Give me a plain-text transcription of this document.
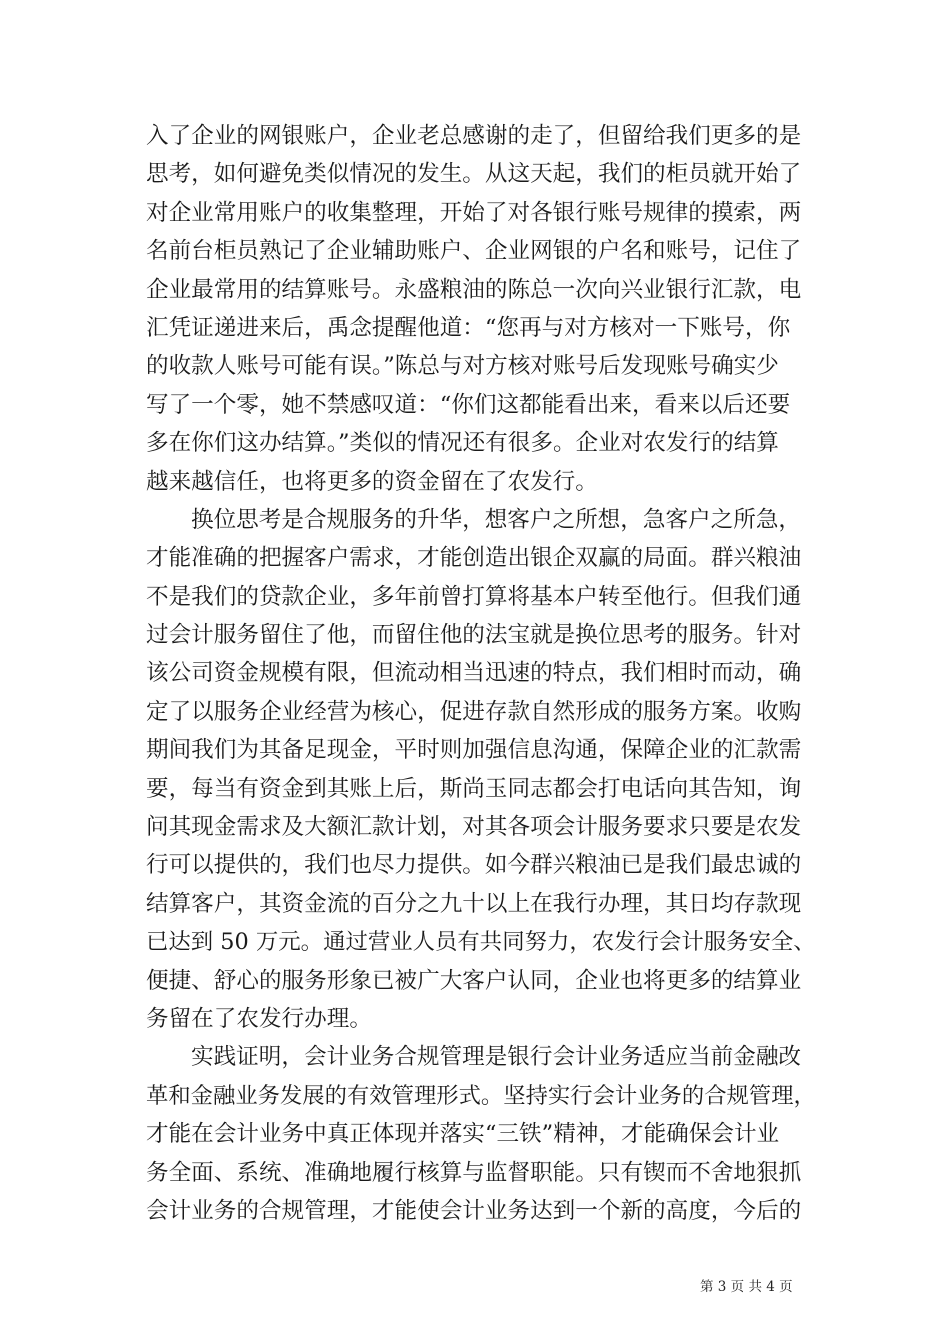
入了企业的网银账户，企业老总感谢的走了，但留给我们更多的是
思考，如何避免类似情况的发生。从这天起，我们的柜员就开始了
对企业常用账户的收集整理，开始了对各银行账号规律的摸索，两
名前台柜员熟记了企业辅助账户、企业网银的户名和账号，记住了
企业最常用的结算账号。永盛粮油的陈总一次向兴业银行汇款，电
汇凭证递进来后，禹念提醒他道：“您再与对方核对一下账号，你
的收款人账号可能有误。”陈总与对方核对账号后发现账号确实少
写了一个零，她不禁感叹道：“你们这都能看出来，看来以后还要
多在你们这办结算。”类似的情况还有很多。企业对农发行的结算
越来越信任，也将更多的资金留在了农发行。
换位思考是合规服务的升华，想客户之所想，急客户之所急，
才能准确的把握客户需求，才能创造出银企双赢的局面。群兴粮油
不是我们的贷款企业，多年前曾打算将基本户转至他行。但我们通
过会计服务留住了他，而留住他的法宝就是换位思考的服务。针对
该公司资金规模有限，但流动相当迅速的特点，我们相时而动，确
定了以服务企业经营为核心，促进存款自然形成的服务方案。收购
期间我们为其备足现金，平时则加强信息沟通，保障企业的汇款需
要，每当有资金到其账上后，斯尚玉同志都会打电话向其告知，询
问其现金需求及大额汇款计划，对其各项会计服务要求只要是农发
行可以提供的，我们也尽力提供。如今群兴粮油已是我们最忠诚的
结算客户，其资金流的百分之九十以上在我行办理，其日均存款现
已达到 50 万元。通过营业人员有共同努力，农发行会计服务安全、
便捷、舒心的服务形象已被广大客户认同，企业也将更多的结算业
务留在了农发行办理。
实践证明，会计业务合规管理是银行会计业务适应当前金融改
革和金融业务发展的有效管理形式。坚持实行会计业务的合规管理，
才能在会计业务中真正体现并落实“三铁”精神，才能确保会计业
务全面、系统、准确地履行核算与监督职能。只有锲而不舍地狠抓
会计业务的合规管理，才能使会计业务达到一个新的高度，今后的
第 3 页 共 4 页
